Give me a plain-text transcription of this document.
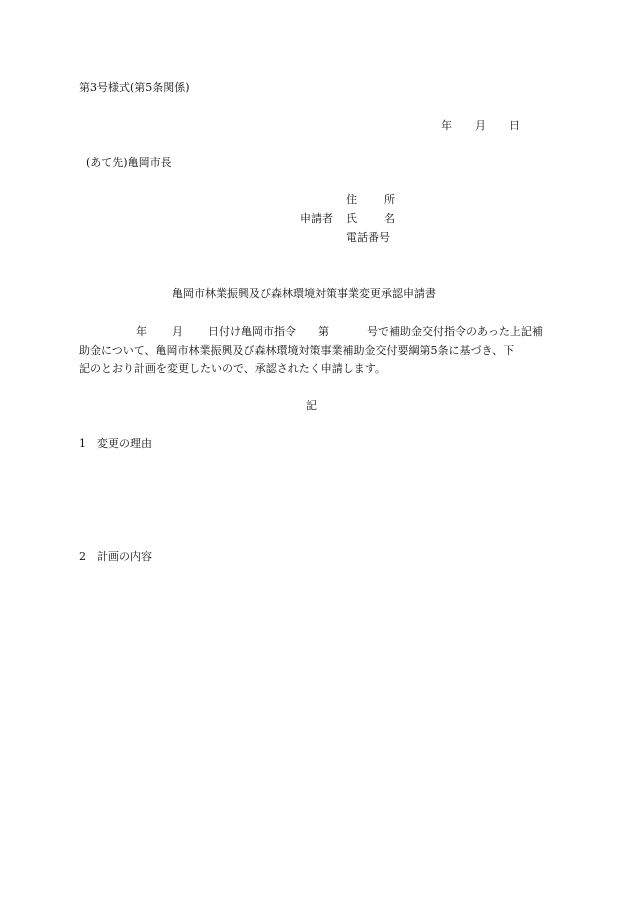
第3号様式(第5条関係)
年 月 日
(あて先)亀岡市長
住 所
申請者 氏 名
電話番号
亀岡市林業振興及び森林環境対策事業変更承認申請書
年 月 日付け亀岡市指令 第	号で補助金交付指令のあった上記補
助金について、亀岡市林業振興及び森林環境対策事業補助金交付要綱第5条に基づき、下
記のとおり計画を変更したいので、承認されたく申請します。
記
1 変更の理由
2 計画の内容
